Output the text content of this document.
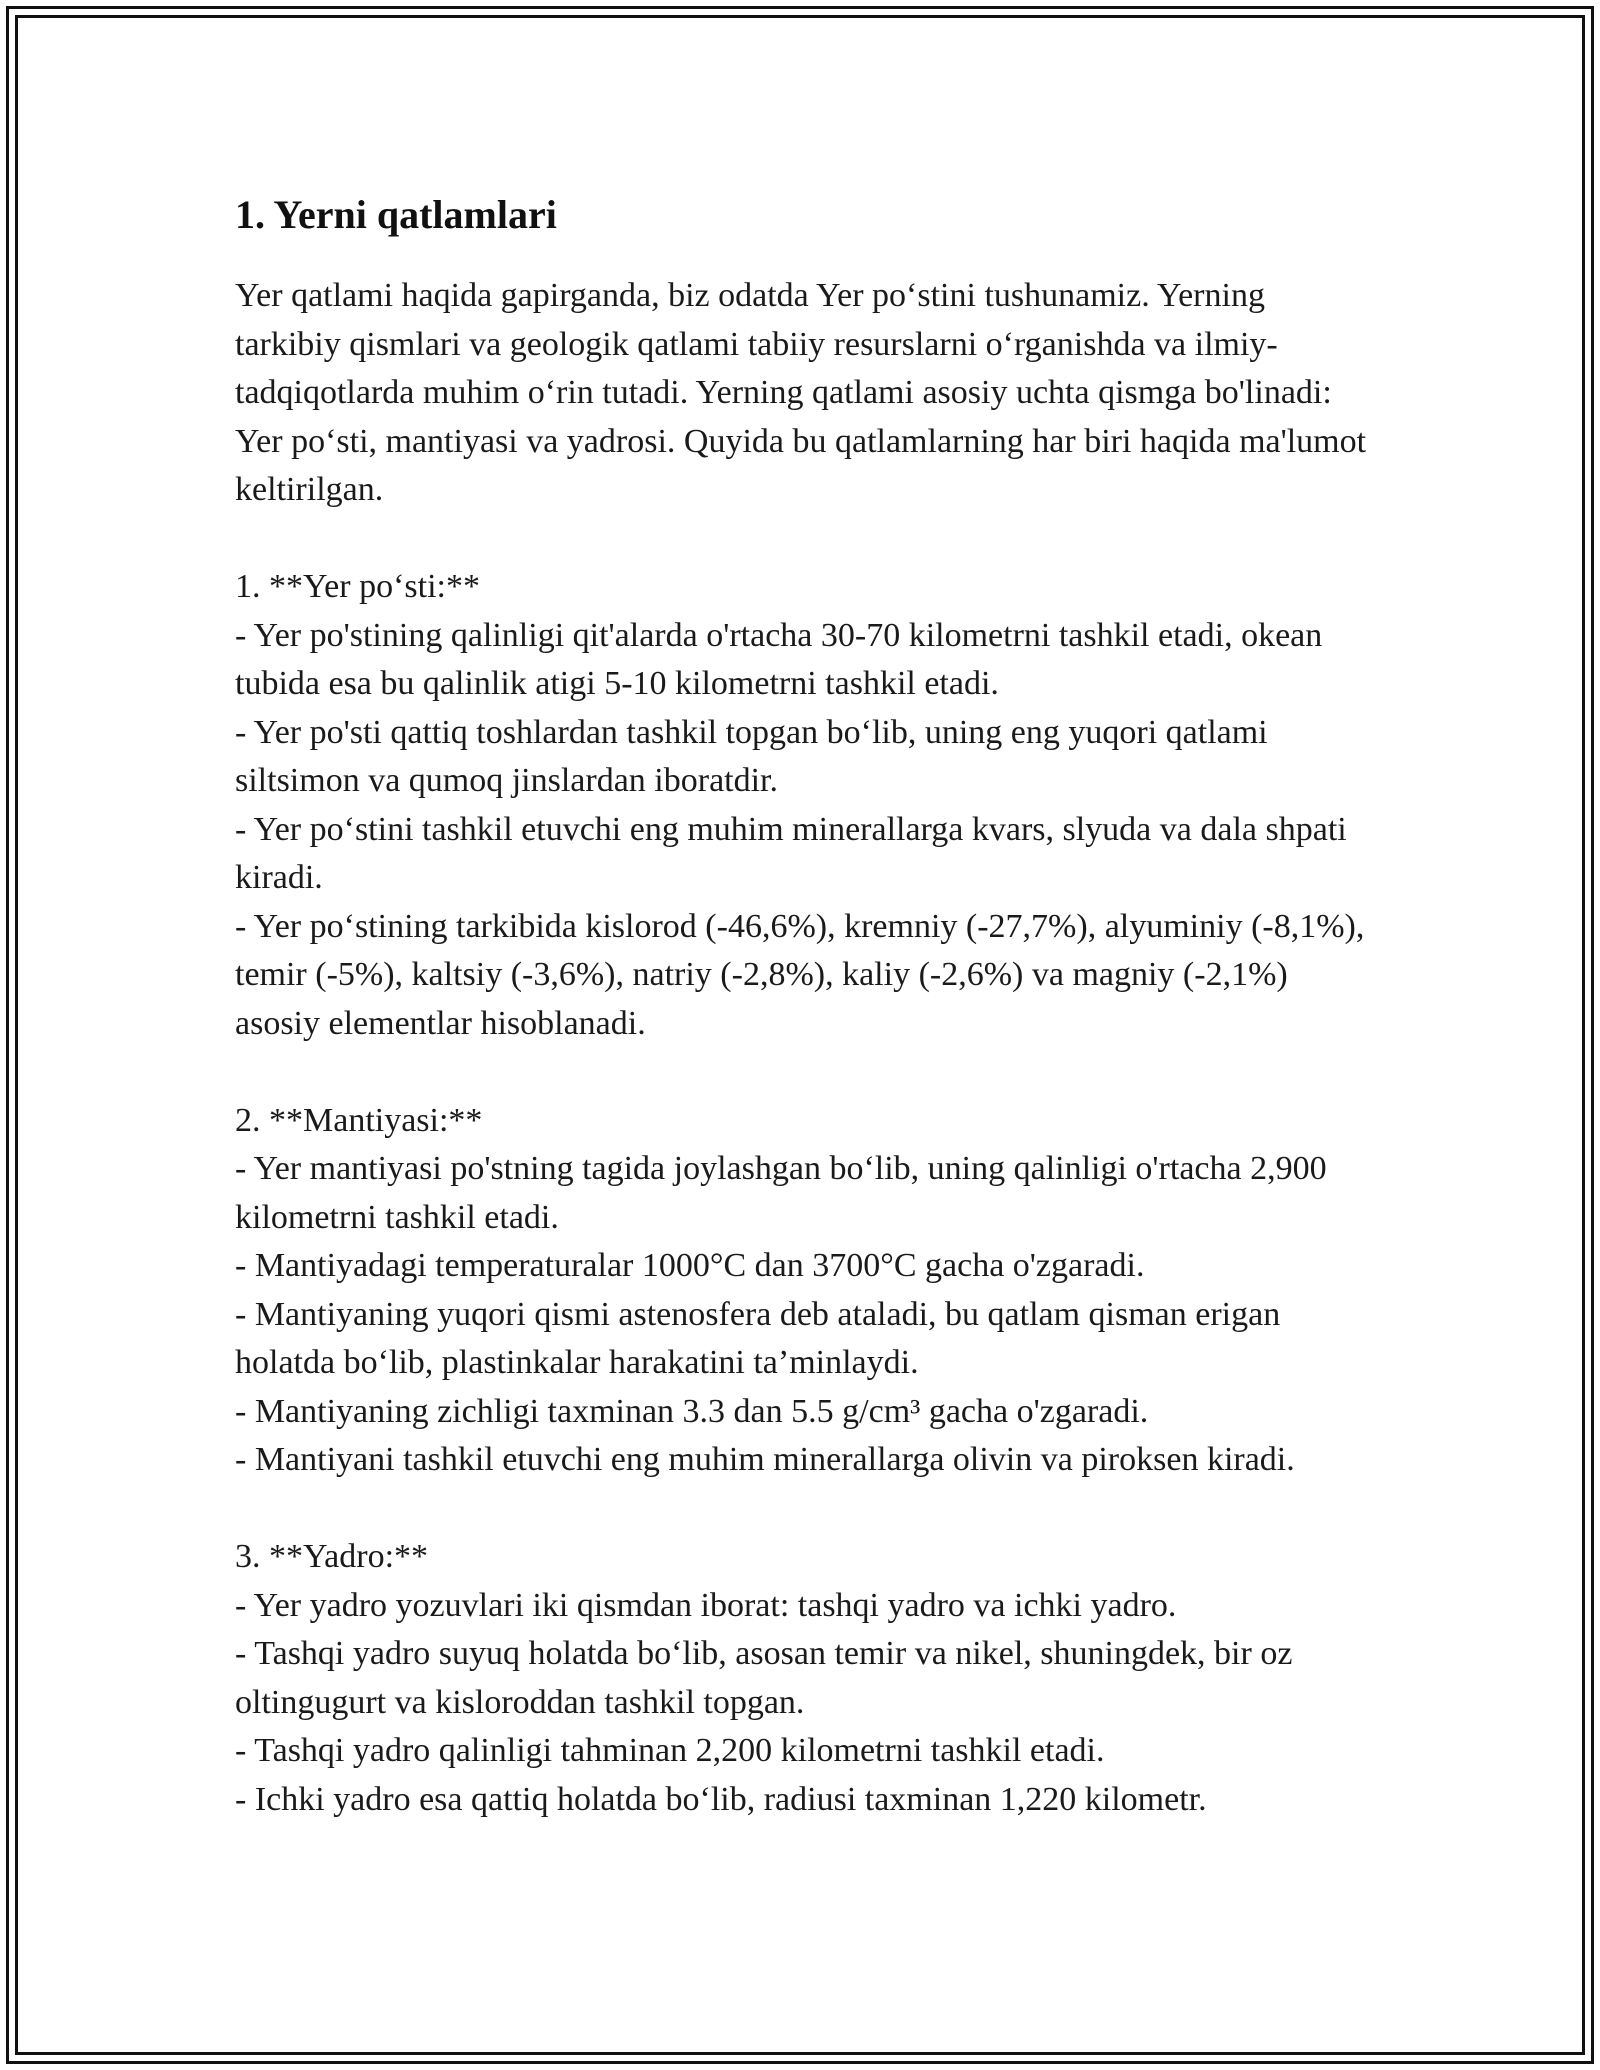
1. Yerni qatlamlari

Yer qatlami haqida gapirganda, biz odatda Yer po‘stini tushunamiz. Yerning tarkibiy qismlari va geologik qatlami tabiiy resurslarni o‘rganishda va ilmiy-tadqiqotlarda muhim o‘rin tutadi. Yerning qatlami asosiy uchta qismga bo'linadi: Yer po‘sti, mantiyasi va yadrosi. Quyida bu qatlamlarning har biri haqida ma'lumot keltirilgan.

1. **Yer po‘sti:**

- Yer po'stining qalinligi qit'alarda o'rtacha 30-70 kilometrni tashkil etadi, okean tubida esa bu qalinlik atigi 5-10 kilometrni tashkil etadi.

- Yer po'sti qattiq toshlardan tashkil topgan bo‘lib, uning eng yuqori qatlami siltsimon va qumoq jinslardan iboratdir.

- Yer po‘stini tashkil etuvchi eng muhim minerallarga kvars, slyuda va dala shpati kiradi.

- Yer po‘stining tarkibida kislorod (-46,6%), kremniy (-27,7%), alyuminiy (-8,1%), temir (-5%), kaltsiy (-3,6%), natriy (-2,8%), kaliy (-2,6%) va magniy (-2,1%) asosiy elementlar hisoblanadi.

2. **Mantiyasi:**

- Yer mantiyasi po'stning tagida joylashgan bo‘lib, uning qalinligi o'rtacha 2,900 kilometrni tashkil etadi.

- Mantiyadagi temperaturalar 1000°C dan 3700°C gacha o'zgaradi.

- Mantiyaning yuqori qismi astenosfera deb ataladi, bu qatlam qisman erigan holatda bo‘lib, plastinkalar harakatini ta’minlaydi.

- Mantiyaning zichligi taxminan 3.3 dan 5.5 g/cm³ gacha o'zgaradi.

- Mantiyani tashkil etuvchi eng muhim minerallarga olivin va piroksen kiradi.

3. **Yadro:**

- Yer yadro yozuvlari iki qismdan iborat: tashqi yadro va ichki yadro.

- Tashqi yadro suyuq holatda bo‘lib, asosan temir va nikel, shuningdek, bir oz oltingugurt va kisloroddan tashkil topgan.

- Tashqi yadro qalinligi tahminan 2,200 kilometrni tashkil etadi.

- Ichki yadro esa qattiq holatda bo‘lib, radiusi taxminan 1,220 kilometr.
